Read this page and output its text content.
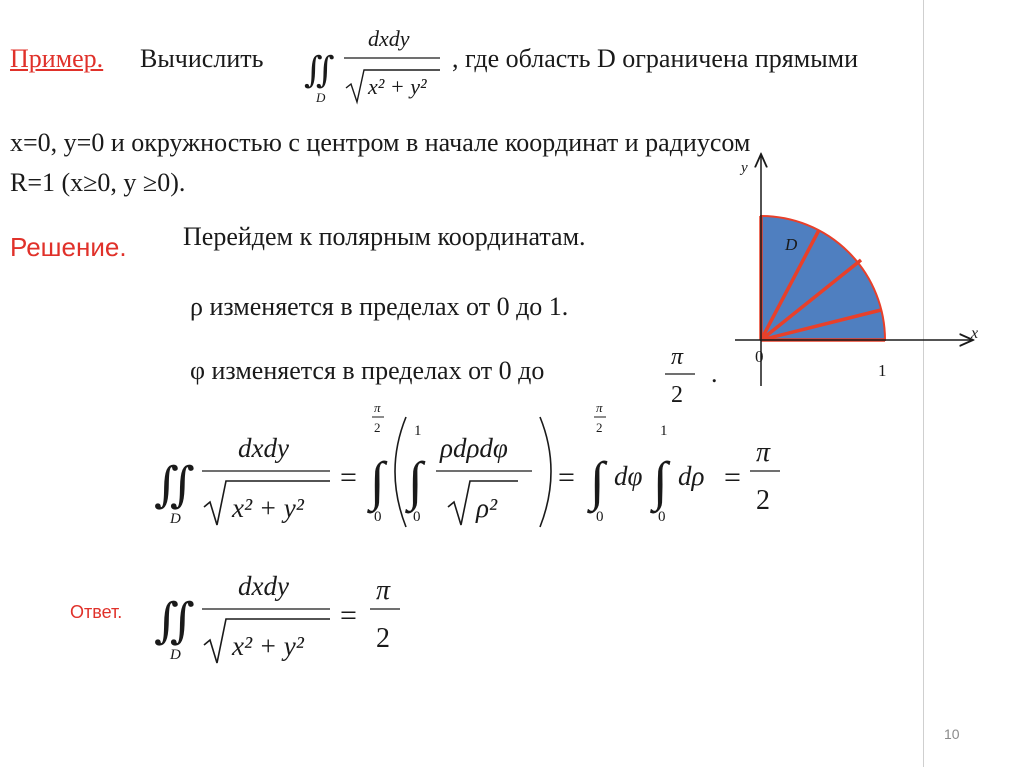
Пример. Вычислить ∬
D
dxdy
x² + y²
, где область D ограничена прямыми
x=0, y=0 и окружностью с центром в начале координат и радиусом
R=1 (x≥0, y ≥0).
Решение. Перейдем к полярным координатам.
ρ изменяется в пределах от 0 до 1.
φ изменяется в пределах от 0 до	π
2
.
y
x
0
1
D
∬
D
dxdy
x² + y²
=
π
2
∫
0
1
∫
0
ρdρdφ
ρ²
=
π
2
∫
0
dφ
1
∫
0
dρ =
π
2
Ответ. ∬
D
dxdy
x² + y²
=
π
2
10
